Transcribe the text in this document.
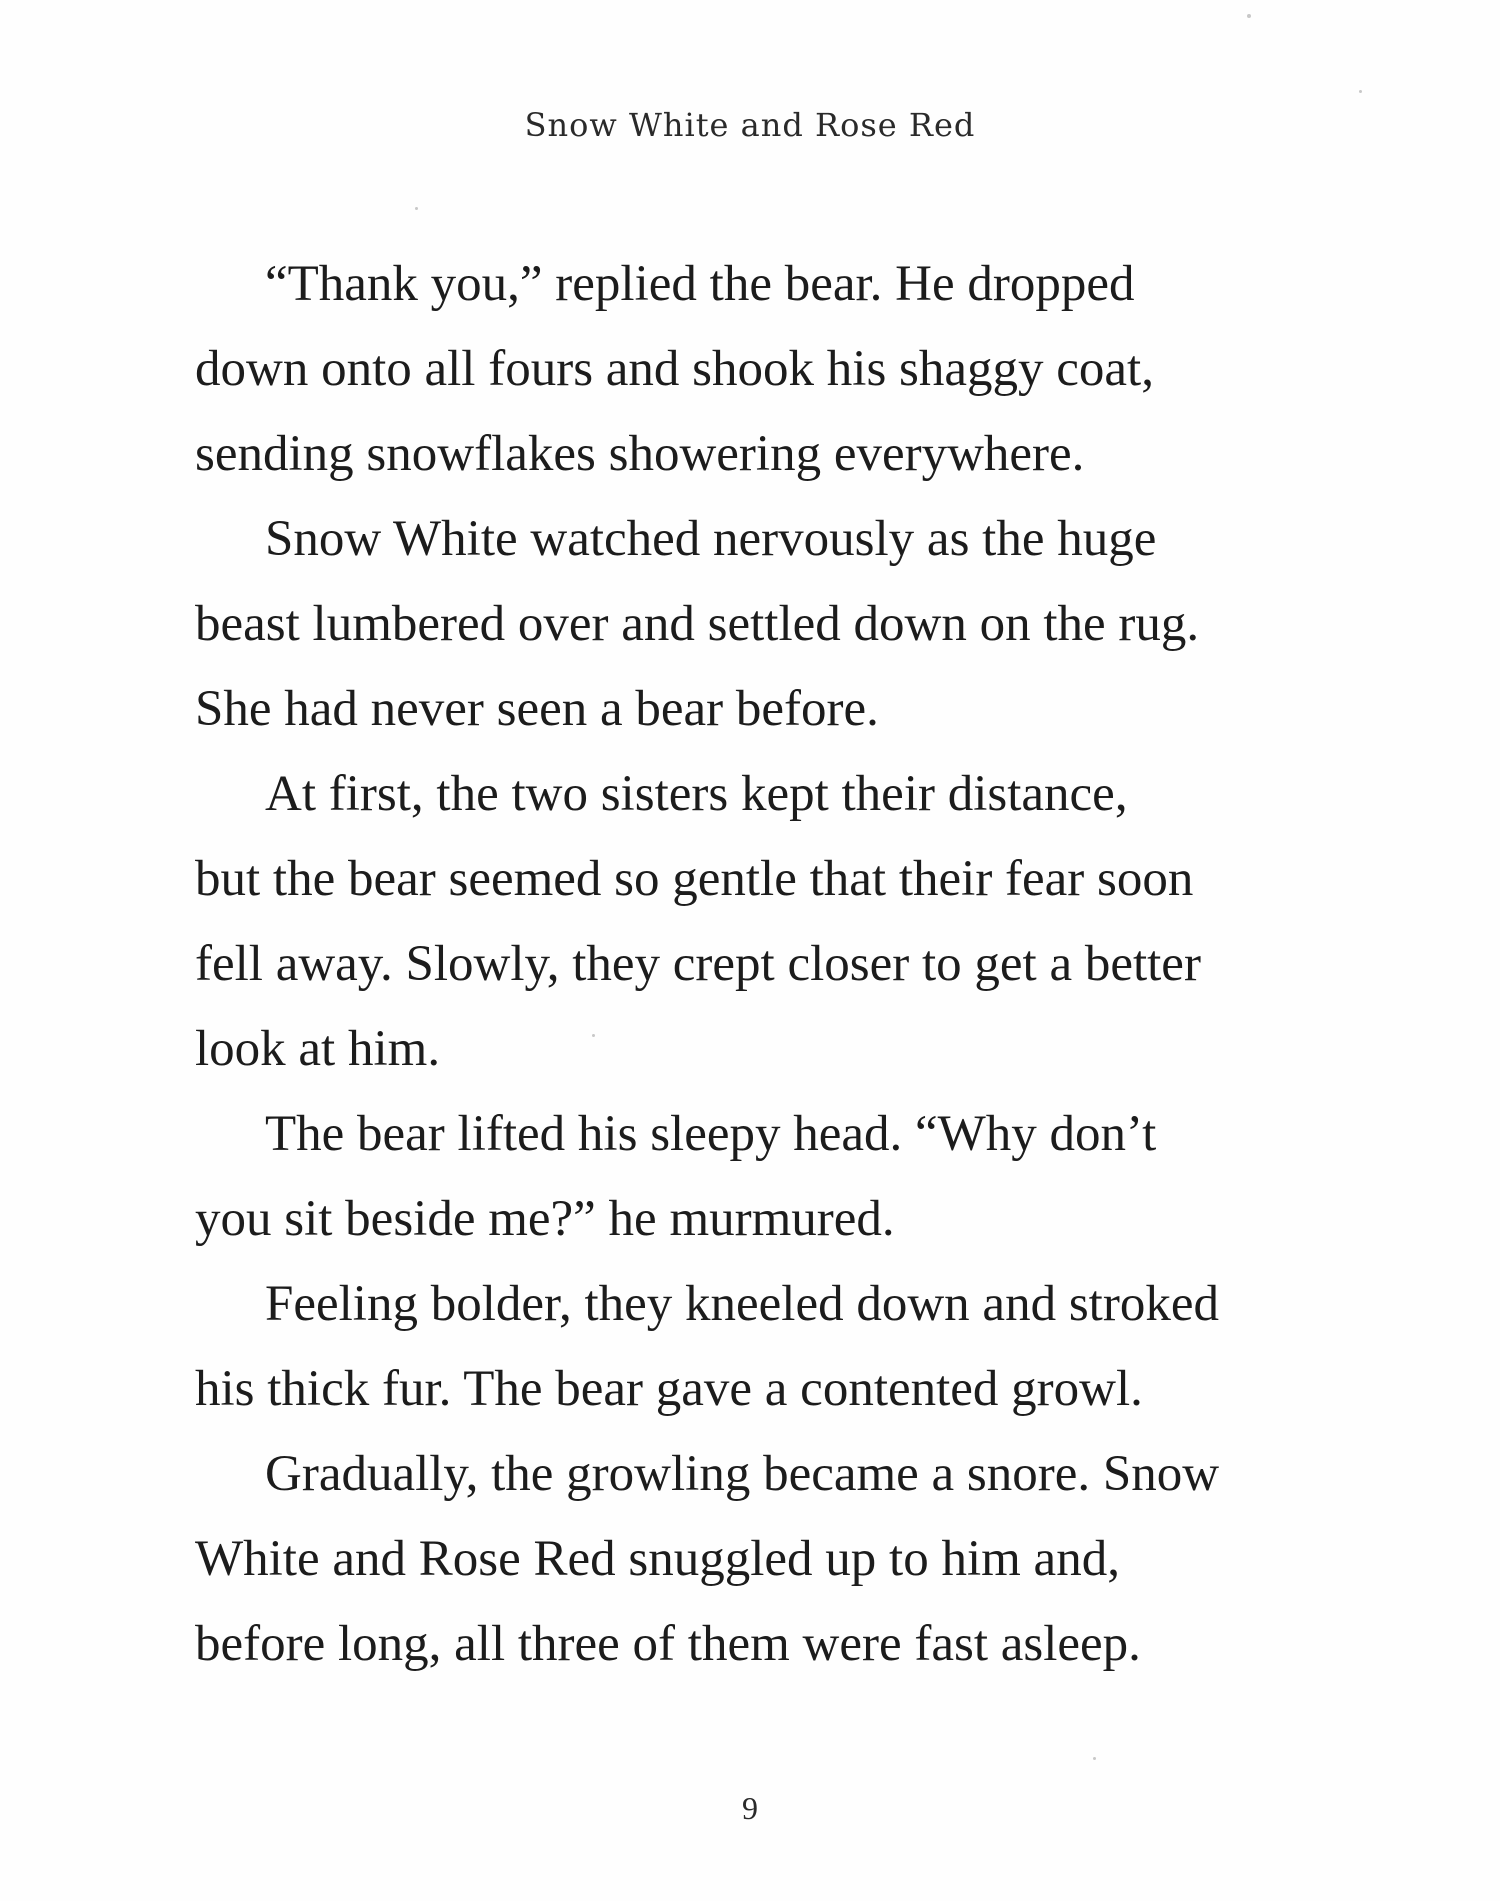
Snow White and Rose Red
“Thank you,” replied the bear. He dropped
down onto all fours and shook his shaggy coat,
sending snowflakes showering everywhere.
Snow White watched nervously as the huge
beast lumbered over and settled down on the rug.
She had never seen a bear before.
At first, the two sisters kept their distance,
but the bear seemed so gentle that their fear soon
fell away. Slowly, they crept closer to get a better
look at him.
The bear lifted his sleepy head. “Why don’t
you sit beside me?” he murmured.
Feeling bolder, they kneeled down and stroked
his thick fur. The bear gave a contented growl.
Gradually, the growling became a snore. Snow
White and Rose Red snuggled up to him and,
before long, all three of them were fast asleep.
9
